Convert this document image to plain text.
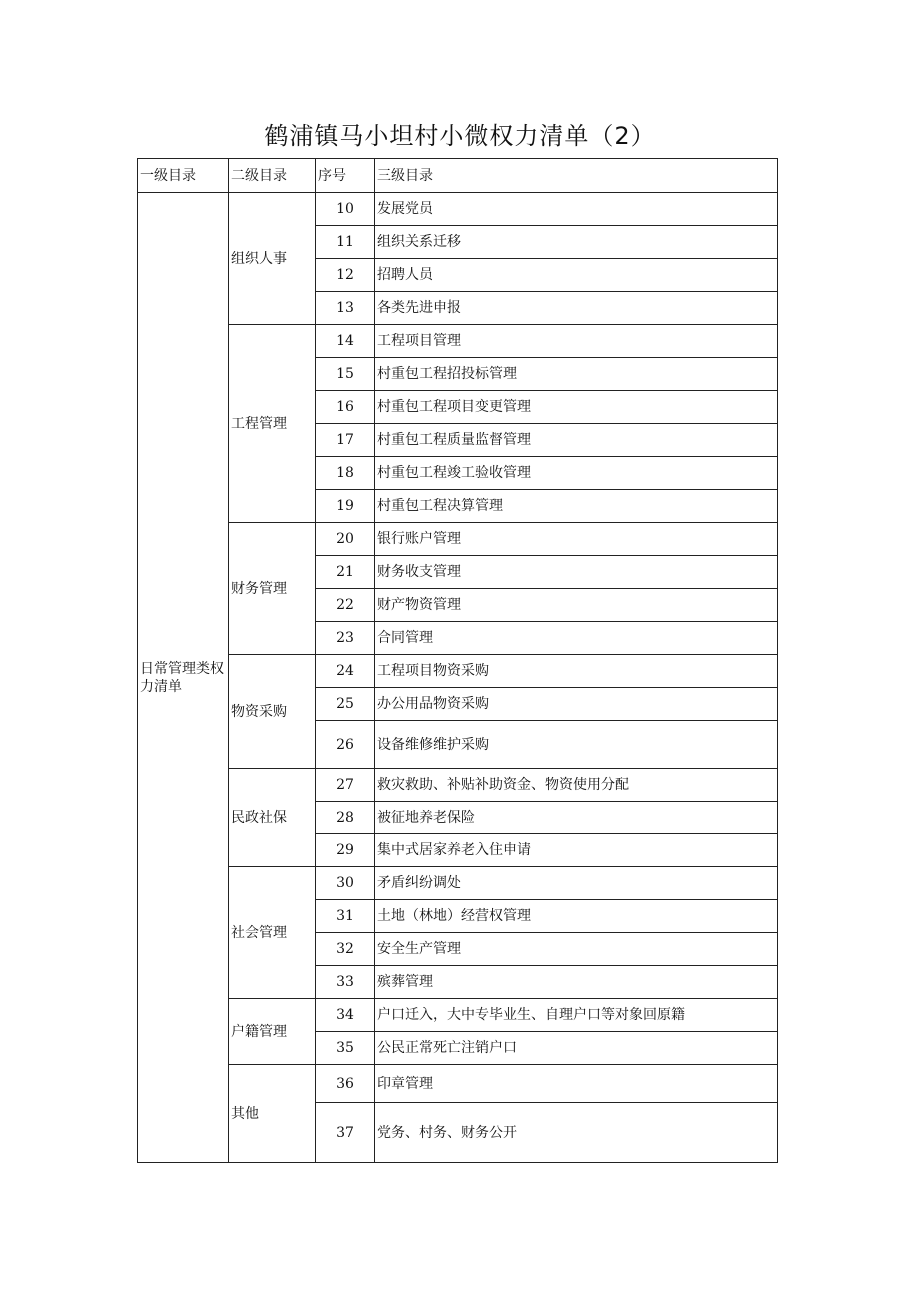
鹤浦镇马小坦村小微权力清单（2）
一级目录	二级目录	序号	三级目录
日常管理类权力清单	组织人事	10	发展党员
		11	组织关系迁移
		12	招聘人员
		13	各类先进申报
	工程管理	14	工程项目管理
		15	村重包工程招投标管理
		16	村重包工程项目变更管理
		17	村重包工程质量监督管理
		18	村重包工程竣工验收管理
		19	村重包工程决算管理
	财务管理	20	银行账户管理
		21	财务收支管理
		22	财产物资管理
		23	合同管理
	物资采购	24	工程项目物资采购
		25	办公用品物资采购
		26	设备维修维护采购
	民政社保	27	救灾救助、补贴补助资金、物资使用分配
		28	被征地养老保险
		29	集中式居家养老入住申请
	社会管理	30	矛盾纠纷调处
		31	土地（林地）经营权管理
		32	安全生产管理
		33	殡葬管理
	户籍管理	34	户口迁入，大中专毕业生、自理户口等对象回原籍
		35	公民正常死亡注销户口
	其他	36	印章管理
		37	党务、村务、财务公开
